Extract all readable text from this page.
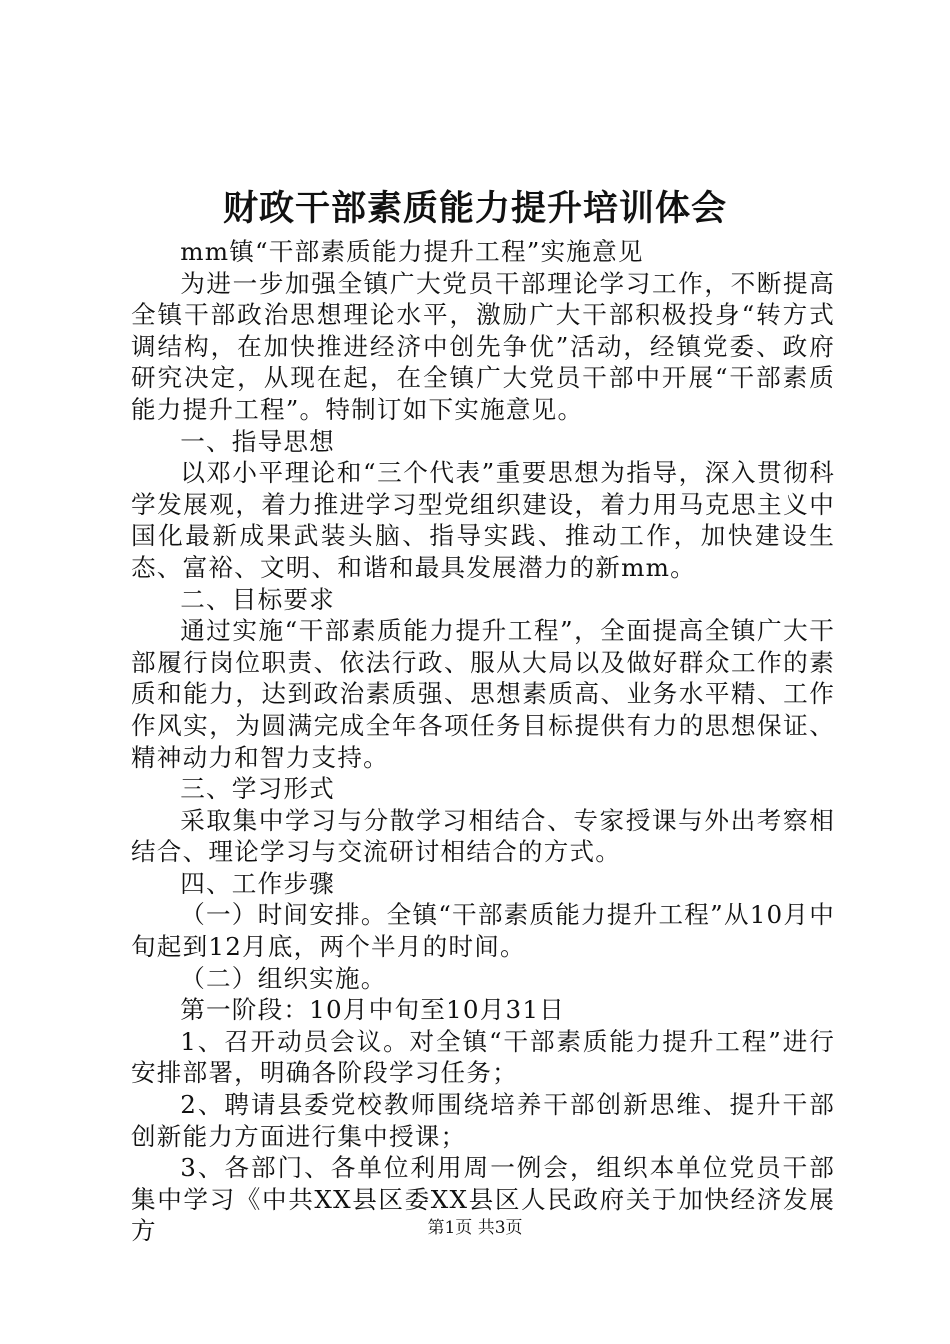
财政干部素质能力提升培训体会

mm镇“干部素质能力提升工程”实施意见

为进一步加强全镇广大党员干部理论学习工作，不断提高全镇干部政治思想理论水平，激励广大干部积极投身“转方式调结构，在加快推进经济中创先争优”活动，经镇党委、政府研究决定，从现在起，在全镇广大党员干部中开展“干部素质能力提升工程”。特制订如下实施意见。

一、指导思想

以邓小平理论和“三个代表”重要思想为指导，深入贯彻科学发展观，着力推进学习型党组织建设，着力用马克思主义中国化最新成果武装头脑、指导实践、推动工作，加快建设生态、富裕、文明、和谐和最具发展潜力的新mm。

二、目标要求

通过实施“干部素质能力提升工程”，全面提高全镇广大干部履行岗位职责、依法行政、服从大局以及做好群众工作的素质和能力，达到政治素质强、思想素质高、业务水平精、工作作风实，为圆满完成全年各项任务目标提供有力的思想保证、精神动力和智力支持。

三、学习形式

采取集中学习与分散学习相结合、专家授课与外出考察相结合、理论学习与交流研讨相结合的方式。

四、工作步骤

（一）时间安排。全镇“干部素质能力提升工程”从10月中旬起到12月底，两个半月的时间。

（二）组织实施。

第一阶段：10月中旬至10月31日

1、召开动员会议。对全镇“干部素质能力提升工程”进行安排部署，明确各阶段学习任务；

2、聘请县委党校教师围绕培养干部创新思维、提升干部创新能力方面进行集中授课；

3、各部门、各单位利用周一例会，组织本单位党员干部集中学习《中共XX县区委XX县区人民政府关于加快经济发展方	第1页 共3页
